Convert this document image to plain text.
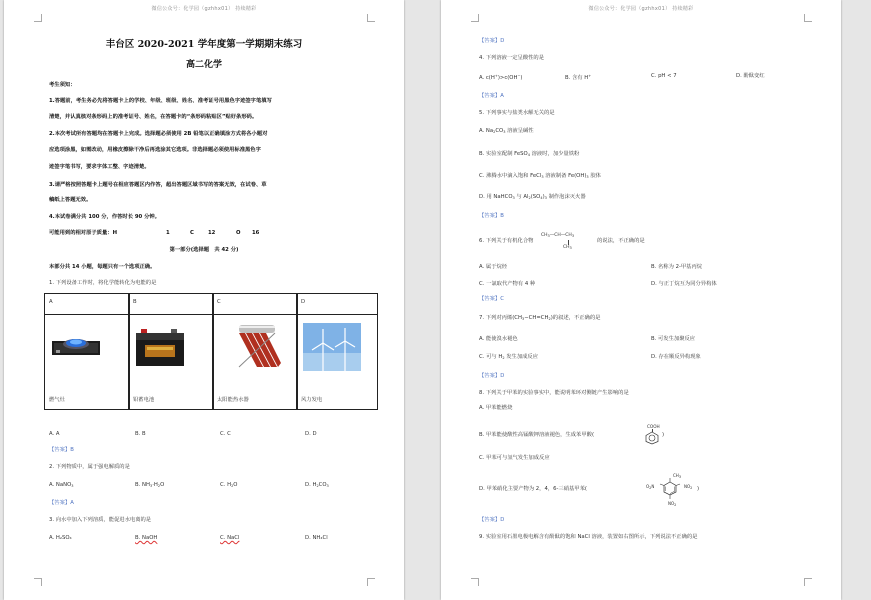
微信公众号：化学园（gzhhx01） 持续精彩
丰台区 2020-2021 学年度第一学期期末练习
高二化学
考生须知：
1.答题前，考生务必先将答题卡上的学校、年级、班级、姓名、准考证号用黑色字迹签字笔填写
清楚，并认真核对条形码上的准考证号、姓名，在答题卡的“条形码粘贴区”贴好条形码。
2.本次考试所有答题均在答题卡上完成。选择题必须使用 2B 铅笔以正确填涂方式将各小题对
应选项涂黑，如需改动，用橡皮擦除干净后再选涂其它选项。非选择题必须使用标准黑色字
迹签字笔书写，要求字体工整、字迹清楚。
3.请严格按照答题卡上题号在相应答题区内作答，超出答题区域书写的答案无效，在试卷、草
稿纸上答题无效。
4.本试卷满分共 100 分，作答时长 90 分钟。
可能用到的相对原子质量：H	1	C	12	O 16
第一部分(选择题　共 42 分)
本部分共 14 小题，每题只有一个选项正确。
1. 下列设备工作时，将化学能转化为电能的是
A	B	C	D
燃气灶	铅蓄电池	太阳能热水器	风力发电
A. A	B. B	C. C	D. D
【答案】B
2. 下列物质中，属于强电解质的是
A. NaNO$_3$	B. $NH_3\cdot H_2O$	C. $H_2O$	D. $H_2CO_3$
【答案】A
3. 向水中加入下列溶质，能促进水电离的是
A. H₂SO₄	B. NaOH	C. NaCl	D. NH₄Cl
微信公众号：化学园（gzhhx01） 持续精彩
【答案】D
4. 下列溶液一定呈酸性的是
A. c(H+)>c(OH−)	B. 含有 H+	C. pH < 7	D. 酚酞变红
【答案】A
5. 下列事实与盐类水解无关的是
A. $Na_2CO_3$ 溶液呈碱性
B. 实验室配制 FeSO$_4$ 溶液时，加少量铁粉
C. 沸腾水中滴入饱和 FeCl$_3$ 溶液制备 $Fe(OH)_3$ 胶体
D. 用 NaHCO$_3$ 与 $Al_2(SO_4)_3$ 制作泡沫灭火器
【答案】B
6. 下列关于有机化合物
$CH_3—CH—CH_3$
$CH_3$
的说法，不正确的是
A. 属于烷烃	B. 名称为 2-甲基丙烷
C. 一氯取代产物有 4 种	D. 与正丁烷互为同分异构体
【答案】C
7. 下列对丙烯$(CH_3-CH=CH_2)$的叙述，不正确的是
A. 能使溴水褪色	B. 可发生加聚反应
C. 可与 $H_2$ 发生加成反应	D. 存在顺反异构现象
【答案】D
8. 下列关于甲苯的实验事实中，能说明苯环对侧链产生影响的是
A. 甲苯能燃烧
B. 甲苯能使酸性高锰酸钾溶液褪色，生成苯甲酸(
COOH
)
C. 甲苯可与氢气发生加成反应
D. 甲苯硝化主要产物为 2，4，6-三硝基甲苯(
CH3
O2N	NO2
NO2
)
【答案】D
9. 实验室用石墨电极电解含有酚酞的饱和 NaCl 溶液，装置如右图所示，下列说法不正确的是
